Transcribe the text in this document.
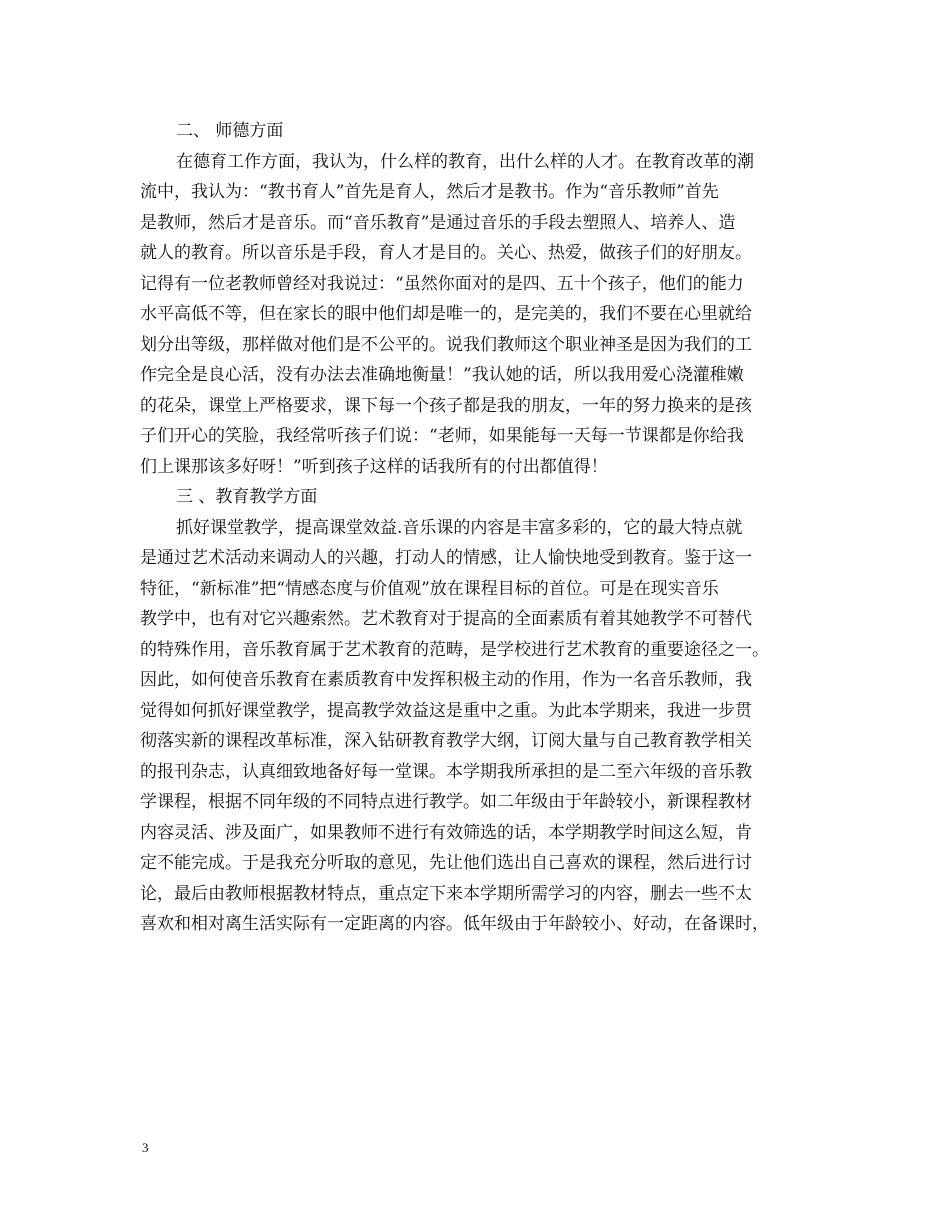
二、 师德方面
在德育工作方面，我认为，什么样的教育，出什么样的人才。在教育改革的潮
流中，我认为：“教书育人”首先是育人，然后才是教书。作为“音乐教师”首先
是教师，然后才是音乐。而“音乐教育”是通过音乐的手段去塑照人、培养人、造
就人的教育。所以音乐是手段，育人才是目的。关心、热爱，做孩子们的好朋友。
记得有一位老教师曾经对我说过：“虽然你面对的是四、五十个孩子，他们的能力
水平高低不等，但在家长的眼中他们却是唯一的，是完美的，我们不要在心里就给
划分出等级，那样做对他们是不公平的。说我们教师这个职业神圣是因为我们的工
作完全是良心活，没有办法去准确地衡量！”我认她的话，所以我用爱心浇灌稚嫩
的花朵，课堂上严格要求，课下每一个孩子都是我的朋友，一年的努力换来的是孩
子们开心的笑脸，我经常听孩子们说：“老师，如果能每一天每一节课都是你给我
们上课那该多好呀！”听到孩子这样的话我所有的付出都值得！
三 、教育教学方面
抓好课堂教学，提高课堂效益.音乐课的内容是丰富多彩的，它的最大特点就
是通过艺术活动来调动人的兴趣，打动人的情感，让人愉快地受到教育。鉴于这一
特征，“新标准”把“情感态度与价值观”放在课程目标的首位。可是在现实音乐
教学中，也有对它兴趣索然。艺术教育对于提高的全面素质有着其她教学不可替代
的特殊作用，音乐教育属于艺术教育的范畴，是学校进行艺术教育的重要途径之一。
因此，如何使音乐教育在素质教育中发挥积极主动的作用，作为一名音乐教师，我
觉得如何抓好课堂教学，提高教学效益这是重中之重。为此本学期来，我进一步贯
彻落实新的课程改革标准，深入钻研教育教学大纲，订阅大量与自己教育教学相关
的报刊杂志，认真细致地备好每一堂课。本学期我所承担的是二至六年级的音乐教
学课程，根据不同年级的不同特点进行教学。如二年级由于年龄较小，新课程教材
内容灵活、涉及面广，如果教师不进行有效筛选的话，本学期教学时间这么短，肯
定不能完成。于是我充分听取的意见，先让他们选出自己喜欢的课程，然后进行讨
论，最后由教师根据教材特点，重点定下来本学期所需学习的内容，删去一些不太
喜欢和相对离生活实际有一定距离的内容。低年级由于年龄较小、好动，在备课时，
3
